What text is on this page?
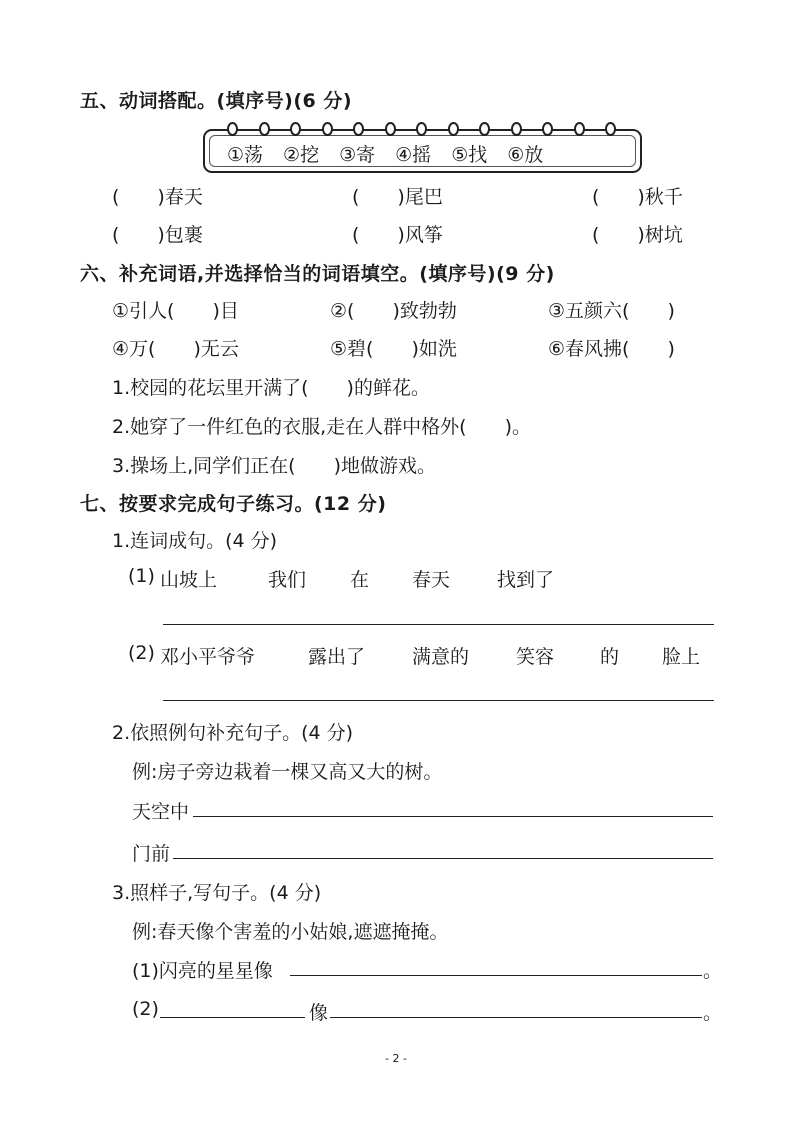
五、动词搭配。(填序号)(6 分)
①荡 ②挖 ③寄 ④摇 ⑤找 ⑥放
(　　)春天	(　　)尾巴	(　　)秋千
(　　)包裹	(　　)风筝	(　　)树坑
六、补充词语,并选择恰当的词语填空。(填序号)(9 分)
①引人(　　)目	②(　　)致勃勃	③五颜六(　　)
④万(　　)无云	⑤碧(　　)如洗	⑥春风拂(　　)
1.校园的花坛里开满了(　　)的鲜花。
2.她穿了一件红色的衣服,走在人群中格外(　　)。
3.操场上,同学们正在(　　)地做游戏。
七、按要求完成句子练习。(12 分)
1.连词成句。(4 分)
(1) 山坡上	我们 在 春天 找到了
(2) 邓小平爷爷	露出了 满意的 笑容 的 脸上
2.依照例句补充句子。(4 分)
例:房子旁边栽着一棵又高又大的树。
天空中
门前
3.照样子,写句子。(4 分)
例:春天像个害羞的小姑娘,遮遮掩掩。
(1)闪亮的星星像	。
(2)	像	。
- 2 -
